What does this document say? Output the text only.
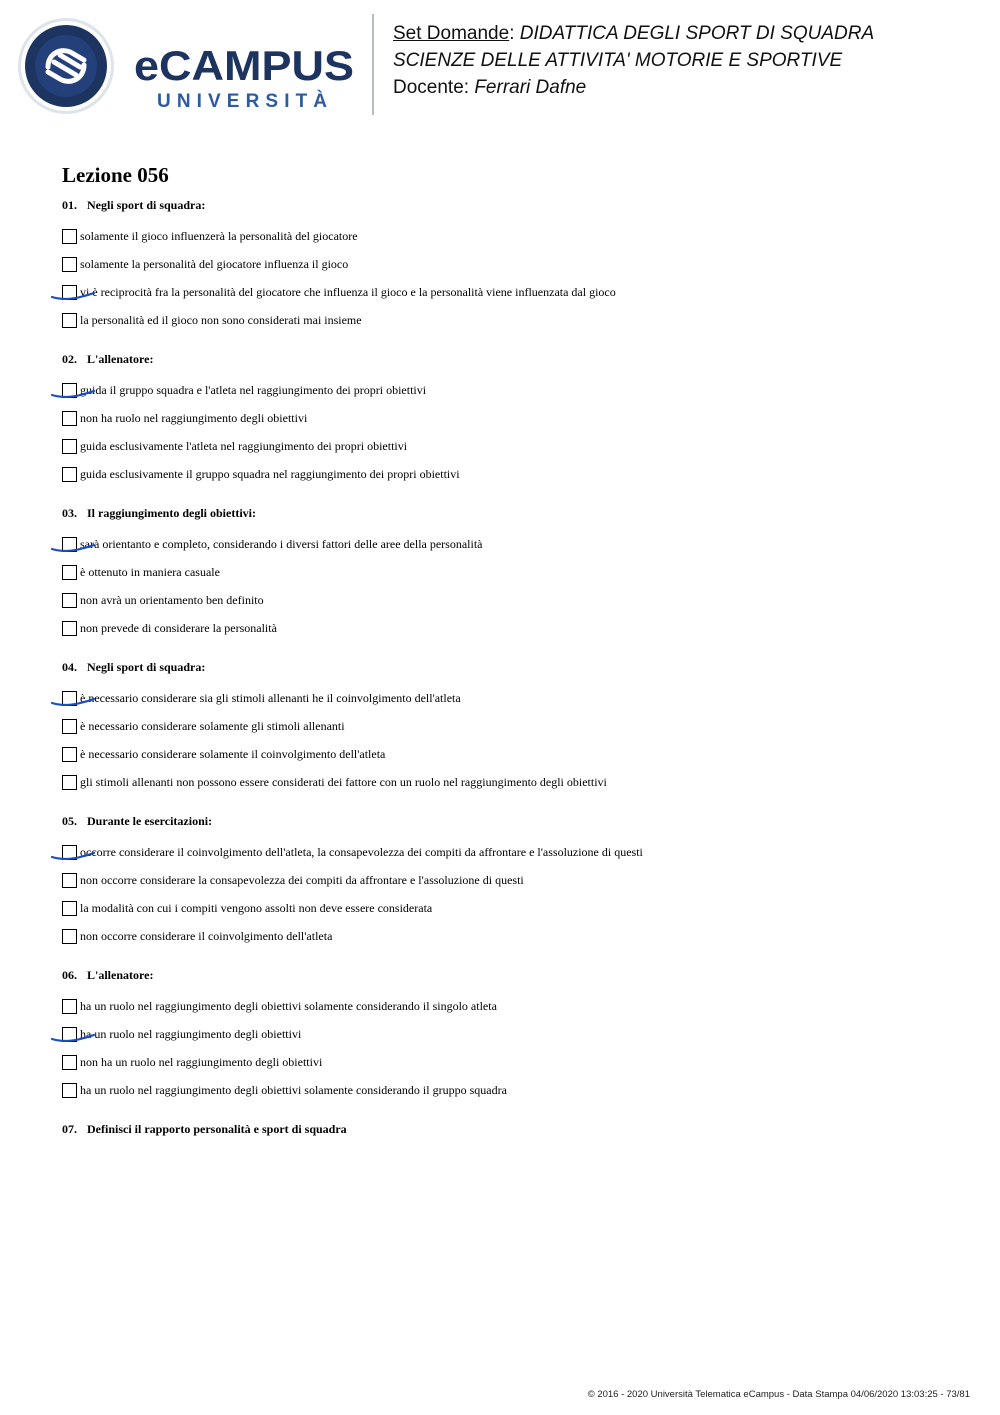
eCAMPUS
UNIVERSITÀ
Set Domande: DIDATTICA DEGLI SPORT DI SQUADRA
SCIENZE DELLE ATTIVITA' MOTORIE E SPORTIVE
Docente: Ferrari Dafne
Lezione 056
01. Negli sport di squadra:
solamente il gioco influenzerà la personalità del giocatore
solamente la personalità del giocatore influenza il gioco
vi è reciprocità fra la personalità del giocatore che influenza il gioco e la personalità viene influenzata dal gioco
la personalità ed il gioco non sono considerati mai insieme
02. L'allenatore:
guida il gruppo squadra e l'atleta nel raggiungimento dei propri obiettivi
non ha ruolo nel raggiungimento degli obiettivi
guida esclusivamente l'atleta nel raggiungimento dei propri obiettivi
guida esclusivamente il gruppo squadra nel raggiungimento dei propri obiettivi
03. Il raggiungimento degli obiettivi:
sarà orientanto e completo, considerando i diversi fattori delle aree della personalità
è ottenuto in maniera casuale
non avrà un orientamento ben definito
non prevede di considerare la personalità
04. Negli sport di squadra:
è necessario considerare sia gli stimoli allenanti he il coinvolgimento dell'atleta
è necessario considerare solamente gli stimoli allenanti
è necessario considerare solamente il coinvolgimento dell'atleta
gli stimoli allenanti non possono essere considerati dei fattore con un ruolo nel raggiungimento degli obiettivi
05. Durante le esercitazioni:
occorre considerare il coinvolgimento dell'atleta, la consapevolezza dei compiti da affrontare e l'assoluzione di questi
non occorre considerare la consapevolezza dei compiti da affrontare e l'assoluzione di questi
la modalità con cui i compiti vengono assolti non deve essere considerata
non occorre considerare il coinvolgimento dell'atleta
06. L'allenatore:
ha un ruolo nel raggiungimento degli obiettivi solamente considerando il singolo atleta
ha un ruolo nel raggiungimento degli obiettivi
non ha un ruolo nel raggiungimento degli obiettivi
ha un ruolo nel raggiungimento degli obiettivi solamente considerando il gruppo squadra
07. Definisci il rapporto personalità e sport di squadra
© 2016 - 2020 Università Telematica eCampus - Data Stampa 04/06/2020 13:03:25 - 73/81
